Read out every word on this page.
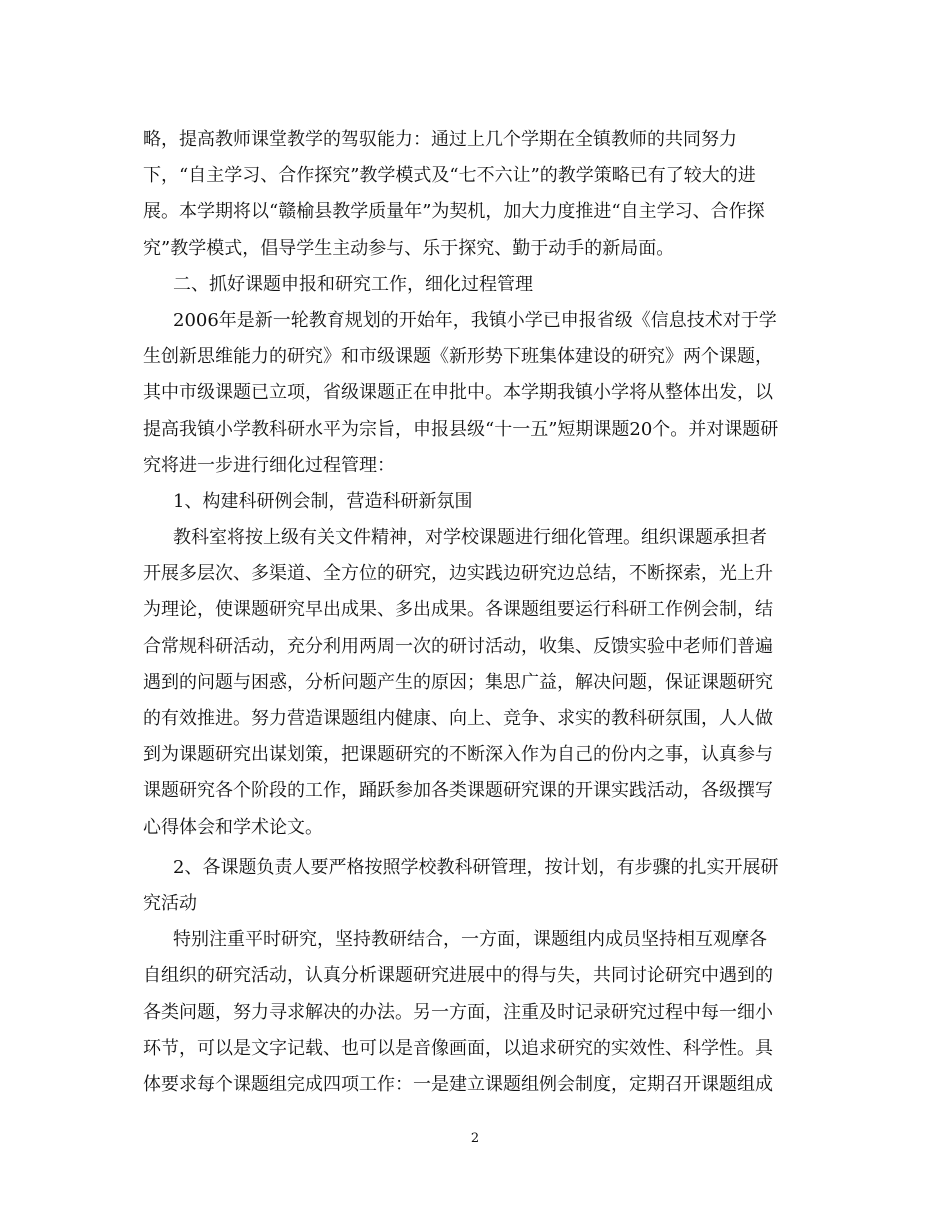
略，提高教师课堂教学的驾驭能力：通过上几个学期在全镇教师的共同努力
下，“自主学习、合作探究”教学模式及“七不六让”的教学策略已有了较大的进
展。本学期将以“赣榆县教学质量年”为契机，加大力度推进“自主学习、合作探
究”教学模式，倡导学生主动参与、乐于探究、勤于动手的新局面。
二、抓好课题申报和研究工作，细化过程管理
2006年是新一轮教育规划的开始年，我镇小学已申报省级《信息技术对于学
生创新思维能力的研究》和市级课题《新形势下班集体建设的研究》两个课题，
其中市级课题已立项，省级课题正在申批中。本学期我镇小学将从整体出发，以
提高我镇小学教科研水平为宗旨，申报县级“十一五”短期课题20个。并对课题研
究将进一步进行细化过程管理：
1、构建科研例会制，营造科研新氛围
教科室将按上级有关文件精神，对学校课题进行细化管理。组织课题承担者
开展多层次、多渠道、全方位的研究，边实践边研究边总结，不断探索，光上升
为理论，使课题研究早出成果、多出成果。各课题组要运行科研工作例会制，结
合常规科研活动，充分利用两周一次的研讨活动，收集、反馈实验中老师们普遍
遇到的问题与困惑，分析问题产生的原因；集思广益，解决问题，保证课题研究
的有效推进。努力营造课题组内健康、向上、竞争、求实的教科研氛围，人人做
到为课题研究出谋划策，把课题研究的不断深入作为自己的份内之事，认真参与
课题研究各个阶段的工作，踊跃参加各类课题研究课的开课实践活动，各级撰写
心得体会和学术论文。
2、各课题负责人要严格按照学校教科研管理，按计划，有步骤的扎实开展研
究活动
特别注重平时研究，坚持教研结合，一方面，课题组内成员坚持相互观摩各
自组织的研究活动，认真分析课题研究进展中的得与失，共同讨论研究中遇到的
各类问题，努力寻求解决的办法。另一方面，注重及时记录研究过程中每一细小
环节，可以是文字记载、也可以是音像画面，以追求研究的实效性、科学性。具
体要求每个课题组完成四项工作：一是建立课题组例会制度，定期召开课题组成
2
